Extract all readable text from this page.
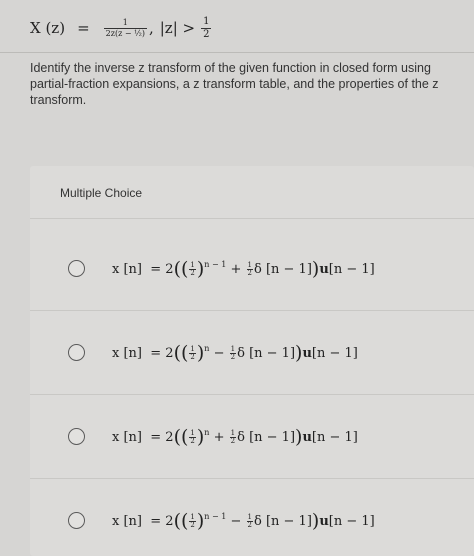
X $(z) = \frac{1}{\text{2z(z − ½)}}$ , $|z| > \frac{1}{2}$

Identify the inverse z transform of the given function in closed form using partial-fraction expansions, a z transform table, and the properties of the z transform.

Multiple Choice
x [n]
=
2 (( $\frac{1}{2}$ ) n − 1
+
$\frac{1}{2}$ δ [n − 1] ) u [n − 1]
x [n]
=
2 (( $\frac{1}{2}$ ) n
−
$\frac{1}{2}$ δ [n − 1] ) u [n − 1]
x [n]
=
2 (( $\frac{1}{2}$ ) n
+
$\frac{1}{2}$ δ [n − 1] ) u [n − 1]
x [n]
=
2 (( $\frac{1}{2}$ ) n − 1
−
$\frac{1}{2}$ δ [n − 1] ) u [n − 1]
